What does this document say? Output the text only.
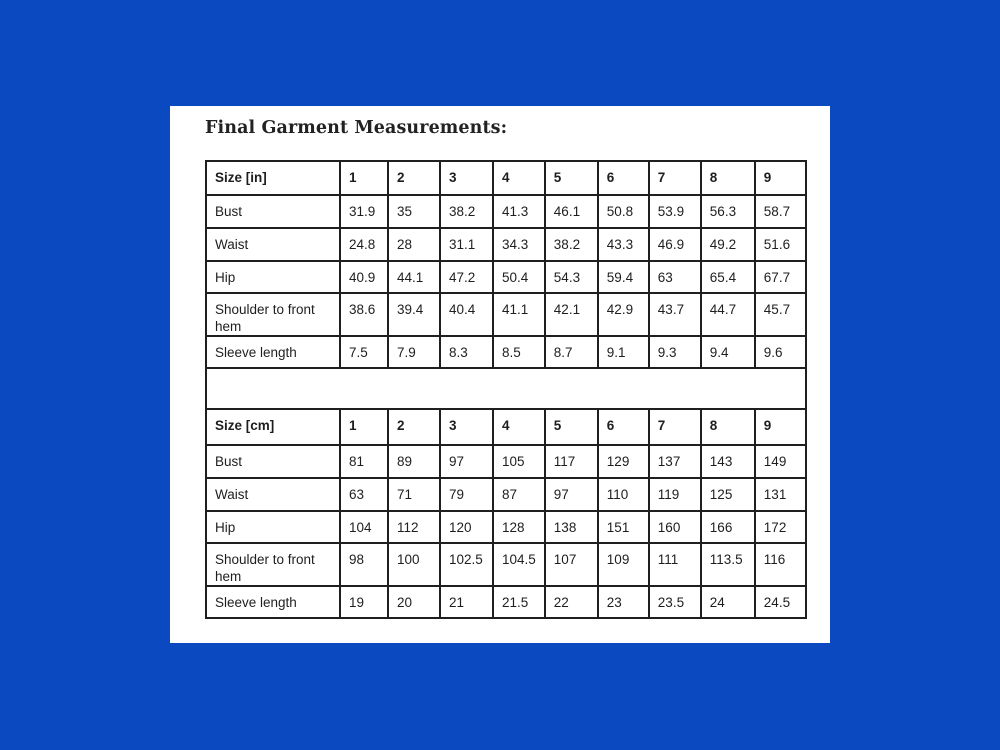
Final Garment Measurements:
Size [in]	1	2	3	4	5	6	7	8	9
Bust	31.9	35	38.2	41.3	46.1	50.8	53.9	56.3	58.7
Waist	24.8	28	31.1	34.3	38.2	43.3	46.9	49.2	51.6
Hip	40.9	44.1	47.2	50.4	54.3	59.4	63	65.4	67.7
Shoulder to front hem	38.6	39.4	40.4	41.1	42.1	42.9	43.7	44.7	45.7
Sleeve length	7.5	7.9	8.3	8.5	8.7	9.1	9.3	9.4	9.6

Size [cm]	1	2	3	4	5	6	7	8	9
Bust	81	89	97	105	117	129	137	143	149
Waist	63	71	79	87	97	110	119	125	131
Hip	104	112	120	128	138	151	160	166	172
Shoulder to front hem	98	100	102.5	104.5	107	109	111	113.5	116
Sleeve length	19	20	21	21.5	22	23	23.5	24	24.5
